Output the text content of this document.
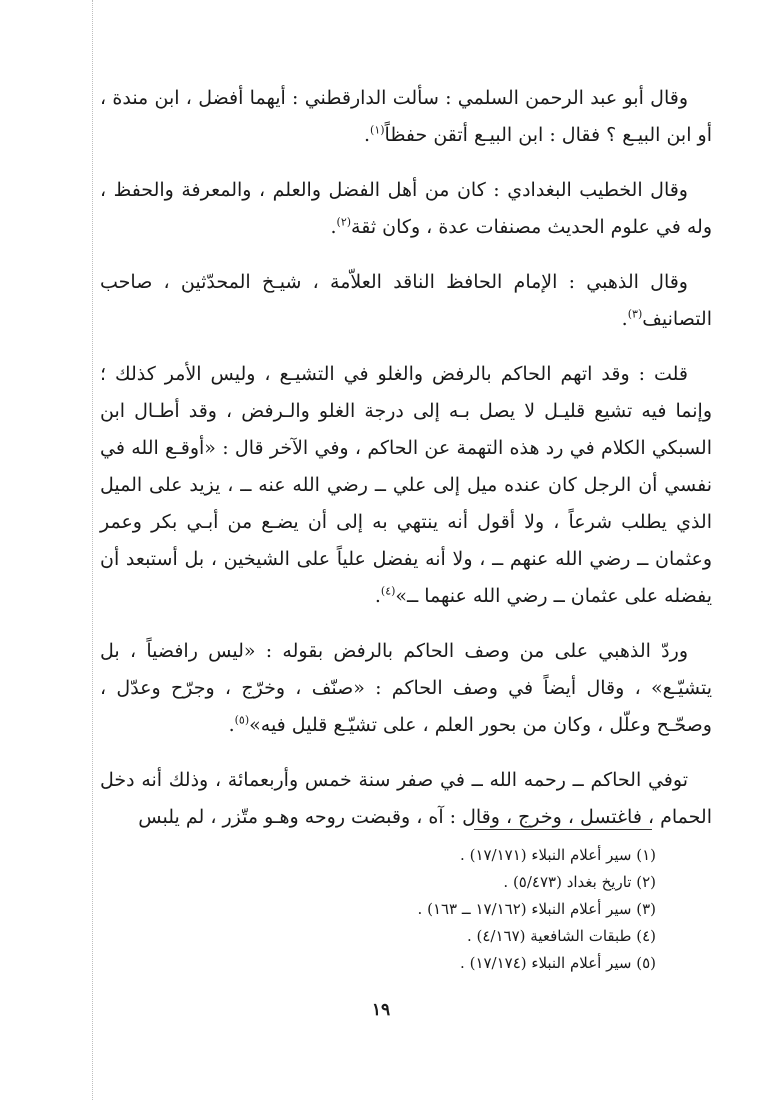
وقال أبو عبد الرحمن السلمي : سألت الدارقطني : أيهما أفضل ، ابن مندة ، أو ابن البيـع ؟ فقال : ابن البيـع أتقن حفظاً$^{(١)}$.

وقال الخطيب البغدادي : كان من أهل الفضل والعلم ، والمعرفة والحفظ ، وله في علوم الحديث مصنفات عدة ، وكان ثقة$^{(٢)}$.

وقال الذهبي : الإمام الحافظ الناقد العلاّمة ، شيـخ المحدّثين ، صاحب التصانيف$^{(٣)}$.

قلت : وقد اتهم الحاكم بالرفض والغلو في التشيـع ، وليس الأمر كذلك ؛ وإنما فيه تشيع قليـل لا يصل بـه إلى درجة الغلو والـرفض ، وقد أطـال ابن السبكي الكلام في رد هذه التهمة عن الحاكم ، وفي الآخر قال : «أوقـع الله في نفسي أن الرجل كان عنده ميل إلى علي ــ رضي الله عنه ــ ، يزيد على الميل الذي يطلب شرعاً ، ولا أقول أنه ينتهي به إلى أن يضـع من أبـي بكر وعمر وعثمان ــ رضي الله عنهم ــ ، ولا أنه يفضل علياً على الشيخين ، بل أستبعد أن يفضله على عثمان ــ رضي الله عنهما ــ»$^{(٤)}$.

وردّ الذهبي على من وصف الحاكم بالرفض بقوله : «ليس رافضياً ، بل يتشيّـع» ، وقال أيضاً في وصف الحاكم : «صنّف ، وخرّج ، وجرّح وعدّل ، وصحّـح وعلّل ، وكان من بحور العلم ، على تشيّـع قليل فيه»$^{(٥)}$.

توفي الحاكم ــ رحمه الله ــ في صفر سنة خمس وأربعمائة ، وذلك أنه دخل الحمام ، فاغتسل ، وخرج ، وقال : آه ، وقبضت روحه وهـو متّزر ، لم يلبس

(١) سير أعلام النبلاء (١٧/١٧١) .
(٢) تاريخ بغداد (٥/٤٧٣) .
(٣) سير أعلام النبلاء (١٧/١٦٢ ــ ١٦٣) .
(٤) طبقات الشافعية (٤/١٦٧) .
(٥) سير أعلام النبلاء (١٧/١٧٤) .
١٩
